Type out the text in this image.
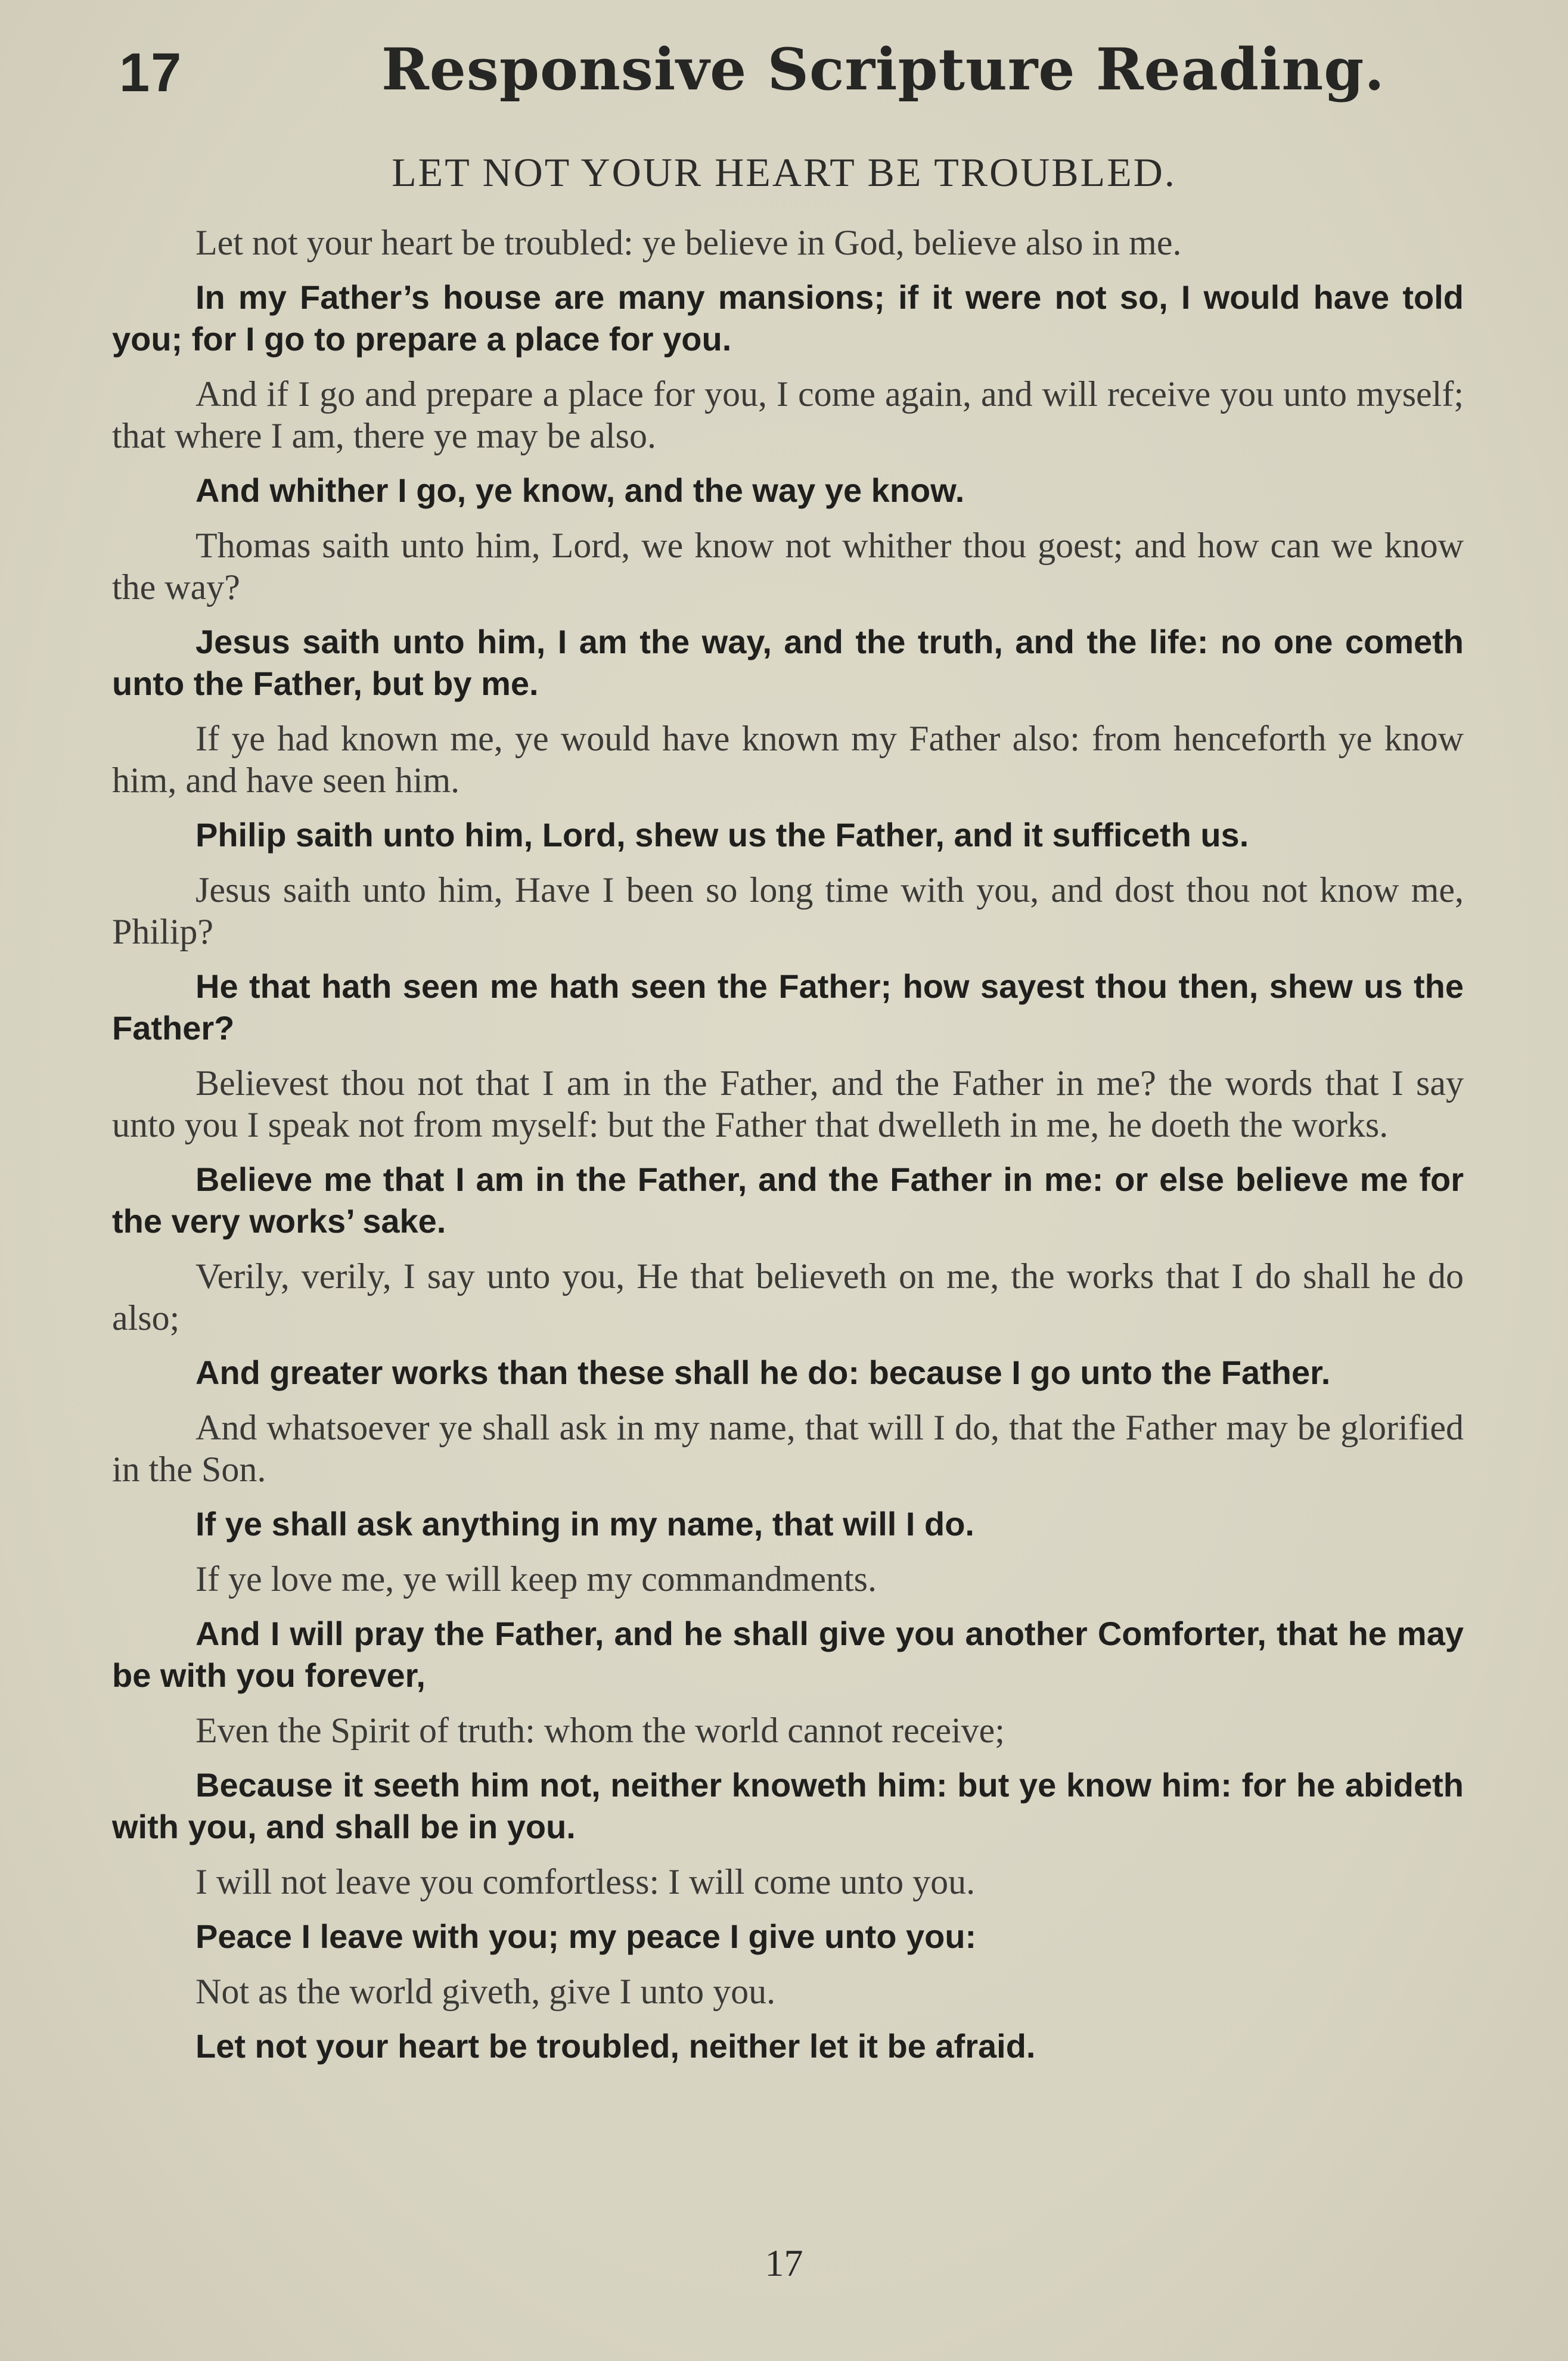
17	Responsive Scripture Reading.
LET NOT YOUR HEART BE TROUBLED.

Let not your heart be troubled: ye believe in God, believe also in me.

In my Father’s house are many mansions; if it were not so, I would have told you; for I go to prepare a place for you.

And if I go and prepare a place for you, I come again, and will receive you unto myself; that where I am, there ye may be also.

And whither I go, ye know, and the way ye know.

Thomas saith unto him, Lord, we know not whither thou goest; and how can we know the way?

Jesus saith unto him, I am the way, and the truth, and the life: no one cometh unto the Father, but by me.

If ye had known me, ye would have known my Father also: from henceforth ye know him, and have seen him.

Philip saith unto him, Lord, shew us the Father, and it sufficeth us.

Jesus saith unto him, Have I been so long time with you, and dost thou not know me, Philip?

He that hath seen me hath seen the Father; how sayest thou then, shew us the Father?

Believest thou not that I am in the Father, and the Father in me? the words that I say unto you I speak not from myself: but the Father that dwelleth in me, he doeth the works.

Believe me that I am in the Father, and the Father in me: or else believe me for the very works’ sake.

Verily, verily, I say unto you, He that believeth on me, the works that I do shall he do also;

And greater works than these shall he do: because I go unto the Father.

And whatsoever ye shall ask in my name, that will I do, that the Father may be glorified in the Son.

If ye shall ask anything in my name, that will I do.

If ye love me, ye will keep my commandments.

And I will pray the Father, and he shall give you another Comforter, that he may be with you forever,

Even the Spirit of truth: whom the world cannot receive;

Because it seeth him not, neither knoweth him: but ye know him: for he abideth with you, and shall be in you.

I will not leave you comfortless: I will come unto you.

Peace I leave with you; my peace I give unto you:

Not as the world giveth, give I unto you.

Let not your heart be troubled, neither let it be afraid.

17
